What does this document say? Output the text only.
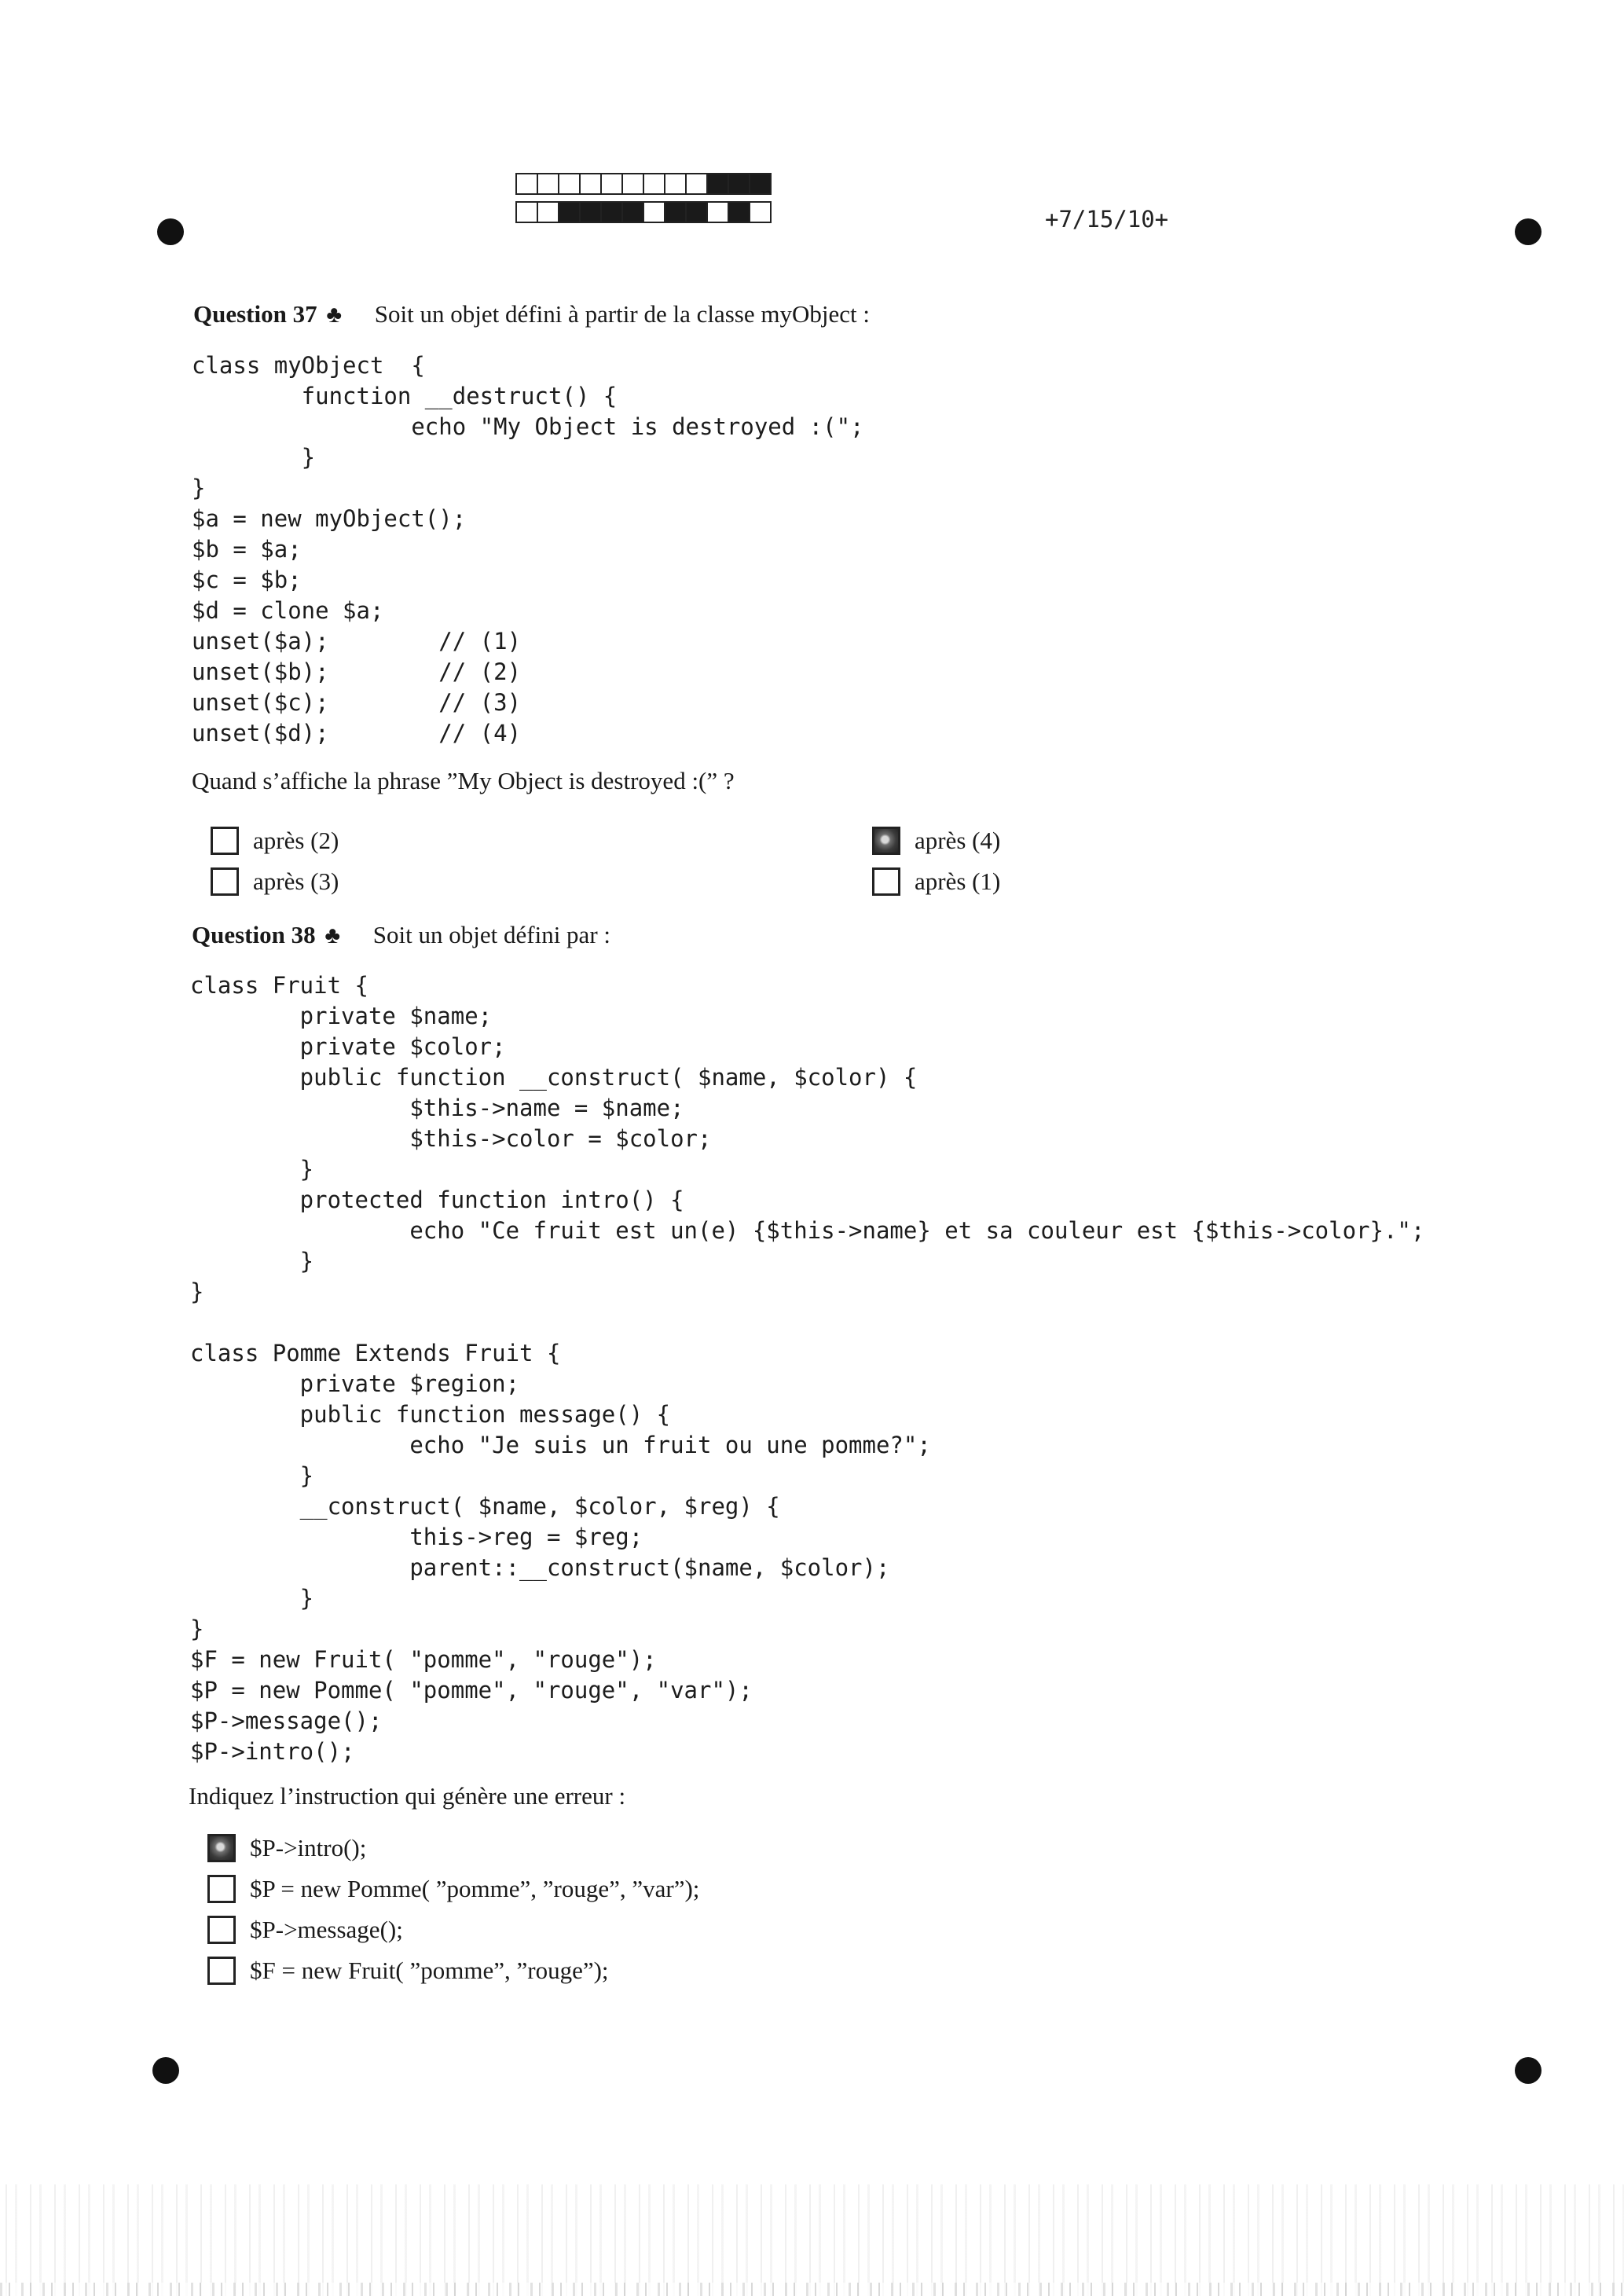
+7/15/10+
Question 37 ♣ Soit un objet défini à partir de la classe myObject :
class myObject  {
function __destruct() {
echo "My Object is destroyed :(";
}
}
$a = new myObject();
$b = $a;
$c = $b;
$d = clone $a;
unset($a);        // (1)
unset($b);        // (2)
unset($c);        // (3)
unset($d);        // (4)
Quand s’affiche la phrase ”My Object is destroyed :(” ?
après (2)
après (3)
après (4)
après (1)
Question 38 ♣ Soit un objet défini par :
class Fruit {
private $name;
private $color;
public function __construct( $name, $color) {
$this->name = $name;
$this->color = $color;
}
protected function intro() {
echo "Ce fruit est un(e) {$this->name} et sa couleur est {$this->color}.";
}
}

class Pomme Extends Fruit {
private $region;
public function message() {
echo "Je suis un fruit ou une pomme?";
}
__construct( $name, $color, $reg) {
this->reg = $reg;
parent::__construct($name, $color);
}
}
$F = new Fruit( "pomme", "rouge");
$P = new Pomme( "pomme", "rouge", "var");
$P->message();
$P->intro();
Indiquez l’instruction qui génère une erreur :
$P->intro();
$P = new Pomme( ”pomme”, ”rouge”, ”var”);
$P->message();
$F = new Fruit( ”pomme”, ”rouge”);
